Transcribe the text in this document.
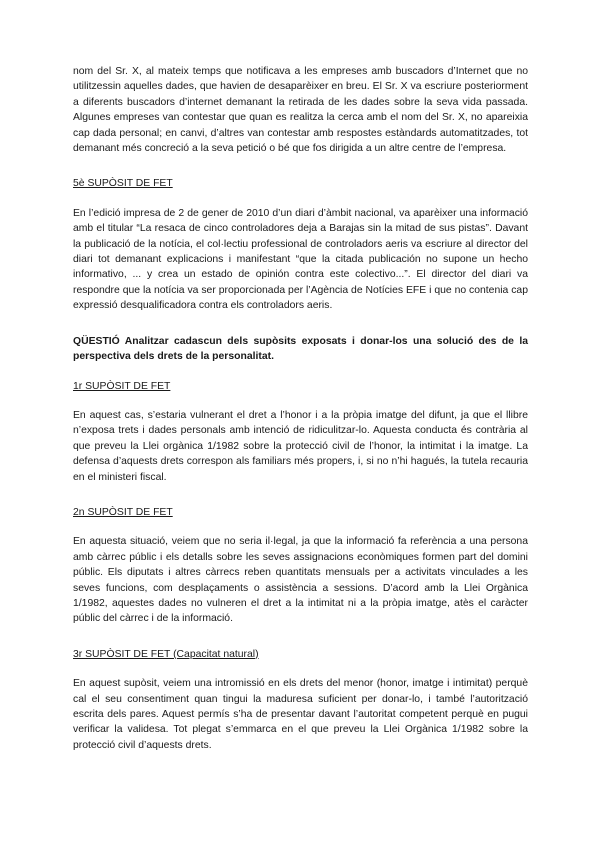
nom del Sr. X, al mateix temps que notificava a les empreses amb buscadors d’Internet que no utilitzessin aquelles dades, que havien de desaparèixer en breu. El Sr. X va escriure posteriorment a diferents buscadors d’internet demanant la retirada de les dades sobre la seva vida passada. Algunes empreses van contestar que quan es realitza la cerca amb el nom del Sr. X, no apareixia cap dada personal; en canvi, d’altres van contestar amb respostes estàndards automatitzades, tot demanant més concreció a la seva petició o bé que fos dirigida a un altre centre de l’empresa.

5è SUPÒSIT DE FET

En l’edició impresa de 2 de gener de 2010 d’un diari d’àmbit nacional, va aparèixer una informació amb el titular “La resaca de cinco controladores deja a Barajas sin la mitad de sus pistas”. Davant la publicació de la notícia, el col·lectiu professional de controladors aeris va escriure al director del diari tot demanant explicacions i manifestant “que la citada publicación no supone un hecho informativo, ... y crea un estado de opinión contra este colectivo...”. El director del diari va respondre que la notícia va ser proporcionada per l’Agència de Notícies EFE i que no contenia cap expressió desqualificadora contra els controladors aeris.

QÜESTIÓ Analitzar cadascun dels supòsits exposats i donar-los una solució des de la perspectiva dels drets de la personalitat.

1r SUPÒSIT DE FET

En aquest cas, s’estaria vulnerant el dret a l’honor i a la pròpia imatge del difunt, ja que el llibre n’exposa trets i dades personals amb intenció de ridiculitzar-lo. Aquesta conducta és contrària al que preveu la Llei orgànica 1/1982 sobre la protecció civil de l’honor, la intimitat i la imatge. La defensa d’aquests drets correspon als familiars més propers, i, si no n’hi hagués, la tutela recauria en el ministeri fiscal.

2n SUPÒSIT DE FET

En aquesta situació, veiem que no seria il·legal, ja que la informació fa referència a una persona amb càrrec públic i els detalls sobre les seves assignacions econòmiques formen part del domini públic. Els diputats i altres càrrecs reben quantitats mensuals per a activitats vinculades a les seves funcions, com desplaçaments o assistència a sessions. D’acord amb la Llei Orgànica 1/1982, aquestes dades no vulneren el dret a la intimitat ni a la pròpia imatge, atès el caràcter públic del càrrec i de la informació.

3r SUPÒSIT DE FET (Capacitat natural)

En aquest supòsit, veiem una intromissió en els drets del menor (honor, imatge i intimitat) perquè cal el seu consentiment quan tingui la maduresa suficient per donar-lo, i també l’autorització escrita dels pares. Aquest permís s’ha de presentar davant l’autoritat competent perquè en pugui verificar la validesa. Tot plegat s’emmarca en el que preveu la Llei Orgànica 1/1982 sobre la protecció civil d’aquests drets.
